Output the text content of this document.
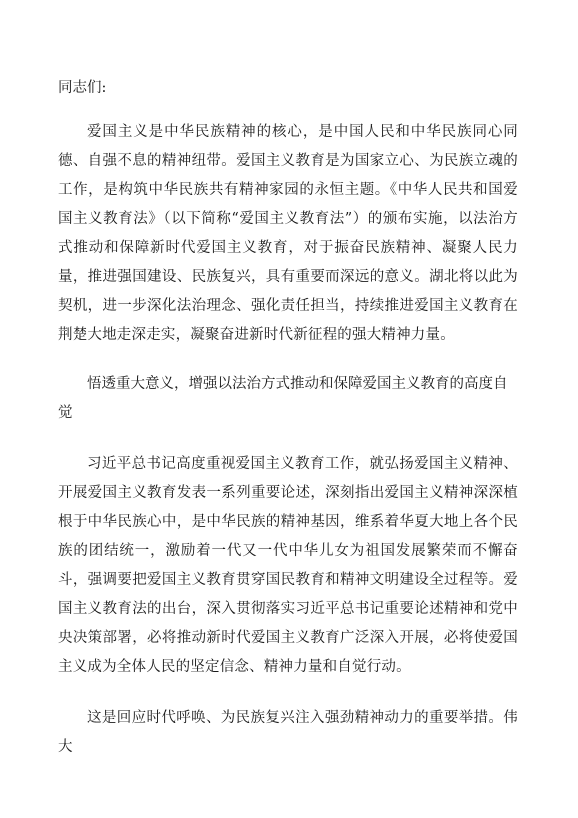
同志们:

爱国主义是中华民族精神的核心，是中国人民和中华民族同心同德、自强不息的精神纽带。爱国主义教育是为国家立心、为民族立魂的工作，是构筑中华民族共有精神家园的永恒主题。《中华人民共和国爱国主义教育法》（以下简称“爱国主义教育法”）的颁布实施，以法治方式推动和保障新时代爱国主义教育，对于振奋民族精神、凝聚人民力量，推进强国建设、民族复兴，具有重要而深远的意义。湖北将以此为契机，进一步深化法治理念、强化责任担当，持续推进爱国主义教育在荆楚大地走深走实，凝聚奋进新时代新征程的强大精神力量。

悟透重大意义，增强以法治方式推动和保障爱国主义教育的高度自觉

习近平总书记高度重视爱国主义教育工作，就弘扬爱国主义精神、开展爱国主义教育发表一系列重要论述，深刻指出爱国主义精神深深植根于中华民族心中，是中华民族的精神基因，维系着华夏大地上各个民族的团结统一，激励着一代又一代中华儿女为祖国发展繁荣而不懈奋斗，强调要把爱国主义教育贯穿国民教育和精神文明建设全过程等。爱国主义教育法的出台，深入贯彻落实习近平总书记重要论述精神和党中央决策部署，必将推动新时代爱国主义教育广泛深入开展，必将使爱国主义成为全体人民的坚定信念、精神力量和自觉行动。

这是回应时代呼唤、为民族复兴注入强劲精神动力的重要举措。伟大
